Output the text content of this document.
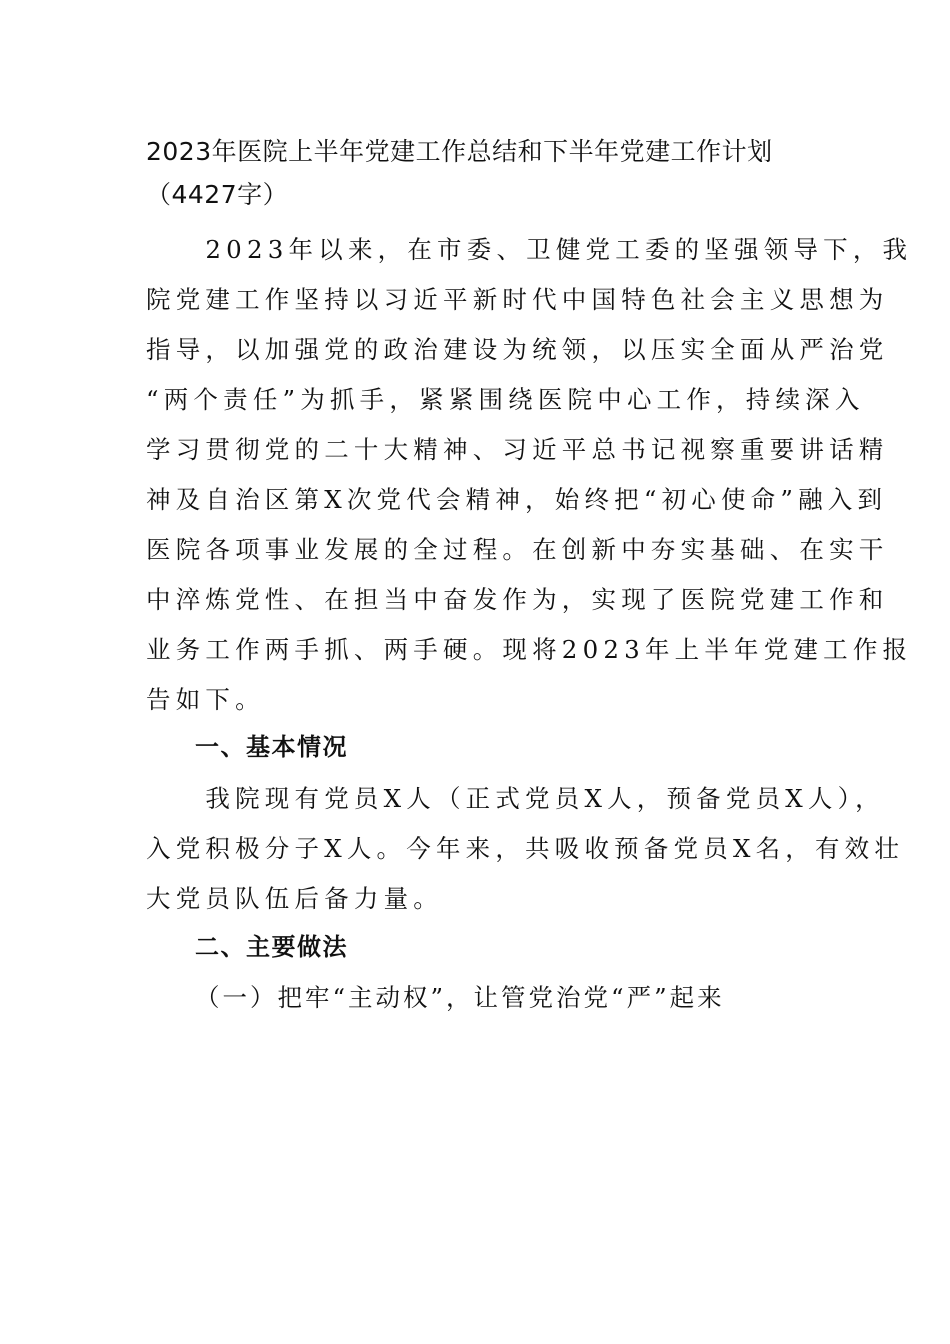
2023年医院上半年党建工作总结和下半年党建工作计划
（4427字）

　　2023年以来，在市委、卫健党工委的坚强领导下，我
院党建工作坚持以习近平新时代中国特色社会主义思想为
指导，以加强党的政治建设为统领，以压实全面从严治党
“两个责任”为抓手，紧紧围绕医院中心工作，持续深入
学习贯彻党的二十大精神、习近平总书记视察重要讲话精
神及自治区第X次党代会精神，始终把“初心使命”融入到
医院各项事业发展的全过程。在创新中夯实基础、在实干
中淬炼党性、在担当中奋发作为，实现了医院党建工作和
业务工作两手抓、两手硬。现将2023年上半年党建工作报
告如下。

一、基本情况

　　我院现有党员X人（正式党员X人，预备党员X人），
入党积极分子X人。今年来，共吸收预备党员X名，有效壮
大党员队伍后备力量。

二、主要做法

（一）把牢“主动权”，让管党治党“严”起来
